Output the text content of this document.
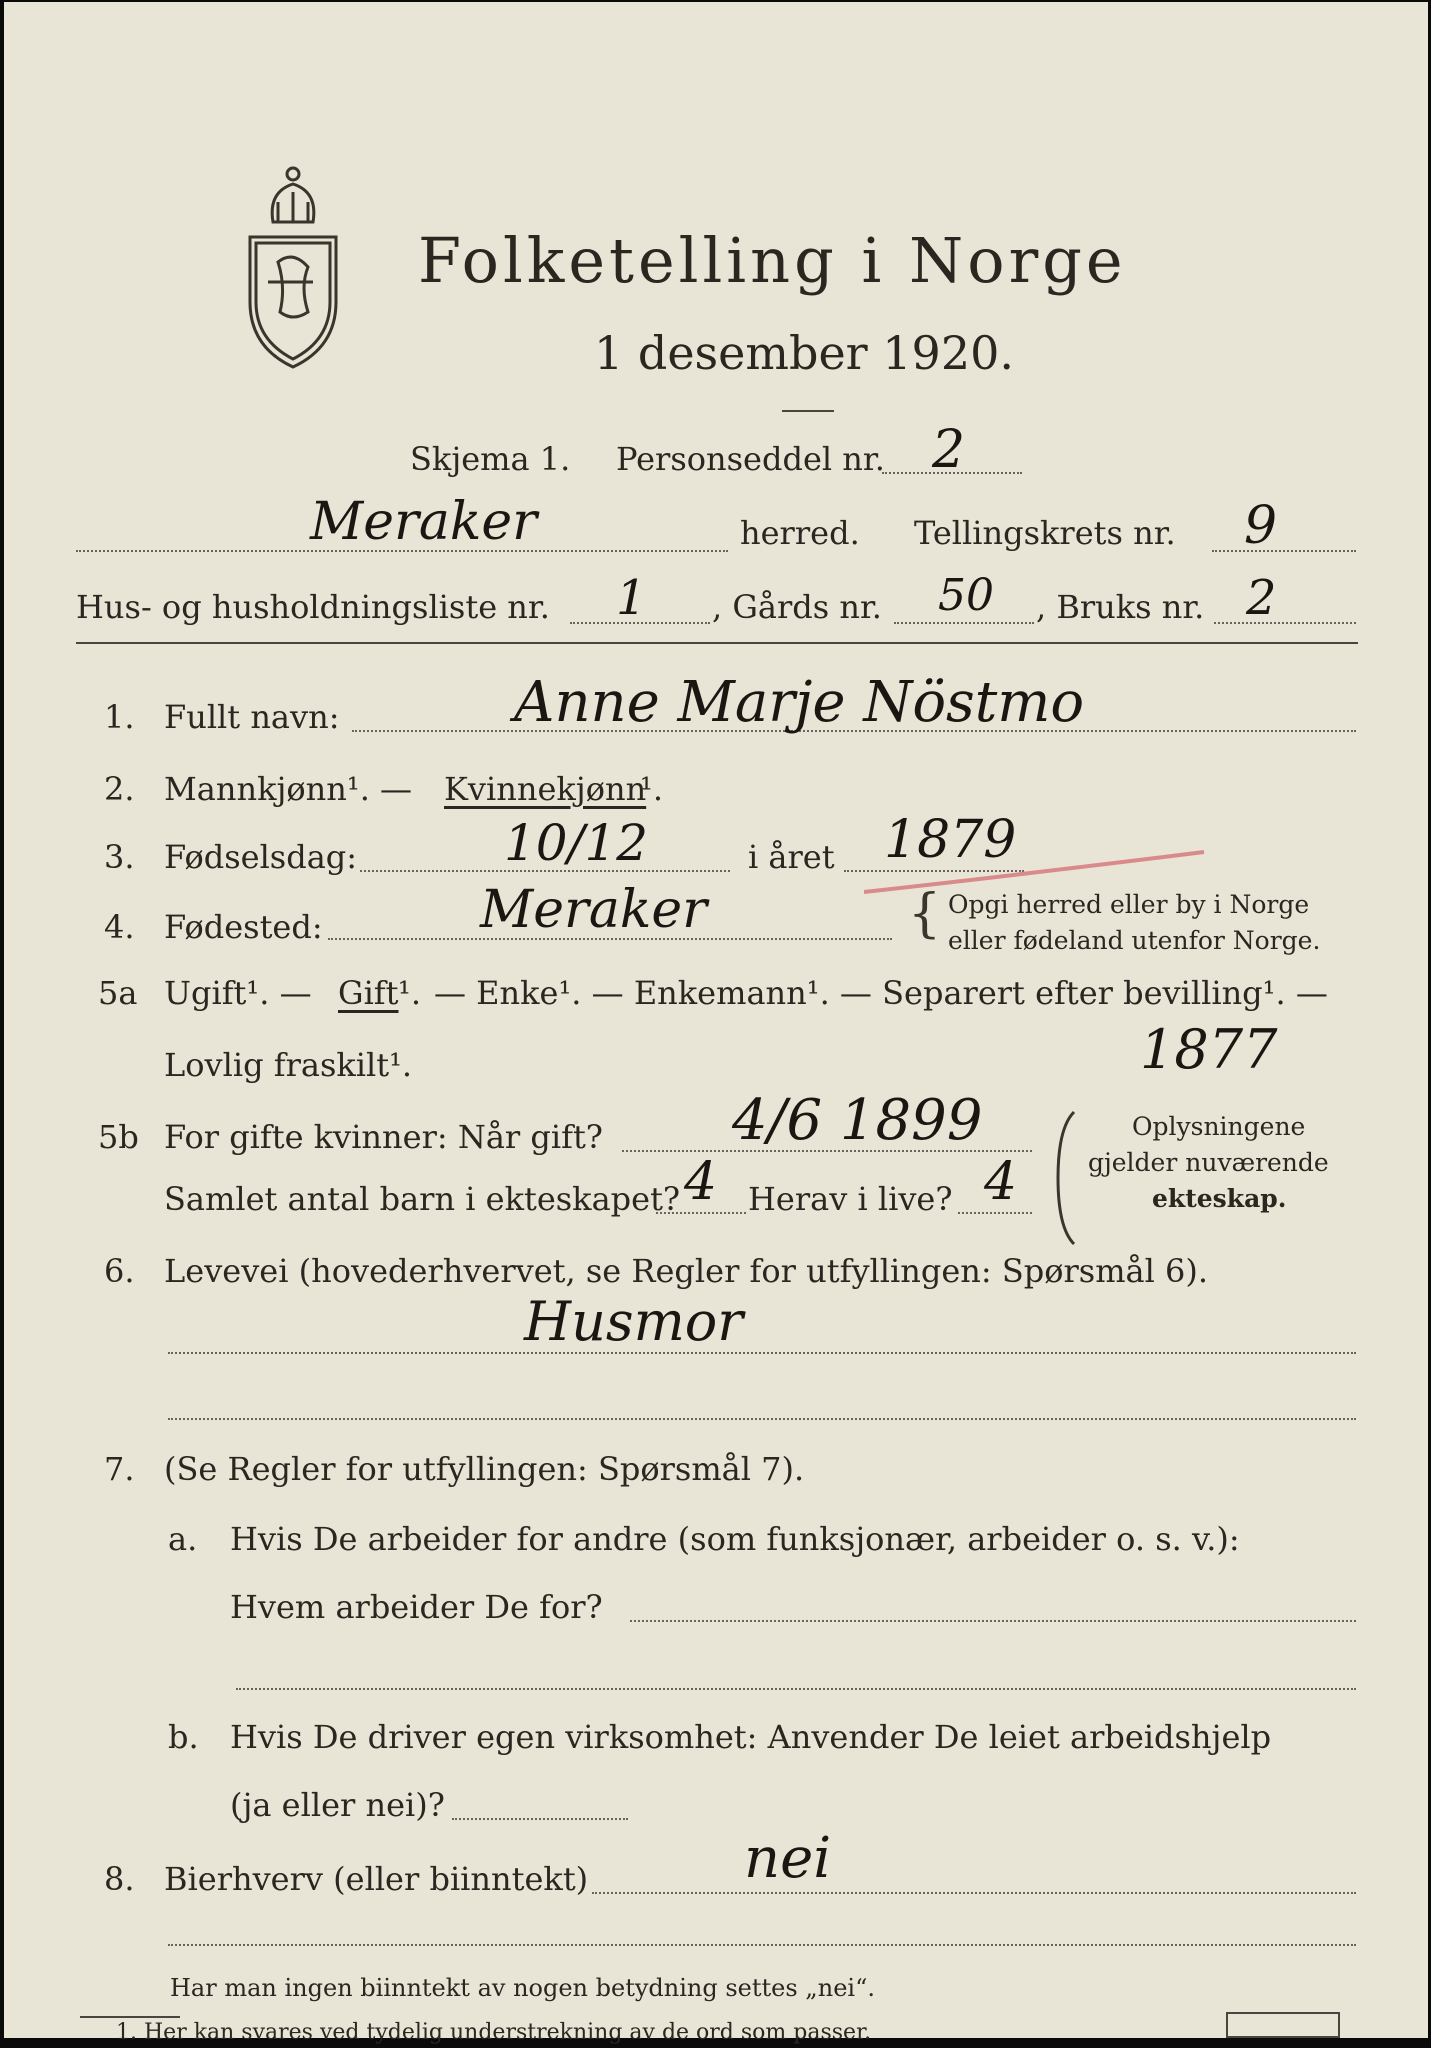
Folketelling i Norge
1 desember 1920.
Skjema 1. Personseddel nr. 2
Meraker	herred. Tellingskrets nr. 9
Hus- og husholdningsliste nr. 1 , Gårds nr. 50 , Bruks nr. 2
1. Fullt navn:	Anne Marje Nöstmo
2. Mannkjønn¹. — Kvinnekjønn
¹.
3. Fødselsdag:	10/12	i året 1879
4. Fødested:	Meraker	{ Opgi herred eller by i Norge
eller fødeland utenfor Norge.
5a Ugift¹. — Gift ¹. — Enke¹. — Enkemann¹. — Separert efter bevilling¹. —
Lovlig fraskilt¹.	1877
5b For gifte kvinner: Når gift? 4/6 1899
Samlet antal barn i ekteskapet? 4 Herav i live? 4
Oplysningene
gjelder nuværende
ekteskap.
6. Levevei (hovederhvervet, se Regler for utfyllingen: Spørsmål 6).
Husmor
7. (Se Regler for utfyllingen: Spørsmål 7).
a. Hvis De arbeider for andre (som funksjonær, arbeider o. s. v.):
Hvem arbeider De for?
b. Hvis De driver egen virksomhet: Anvender De leiet arbeidshjelp
(ja eller nei)?
8. Bierhverv (eller biinntekt)	nei
Har man ingen biinntekt av nogen betydning settes „nei“.
1. Her kan svares ved tydelig understrekning av de ord som passer.
